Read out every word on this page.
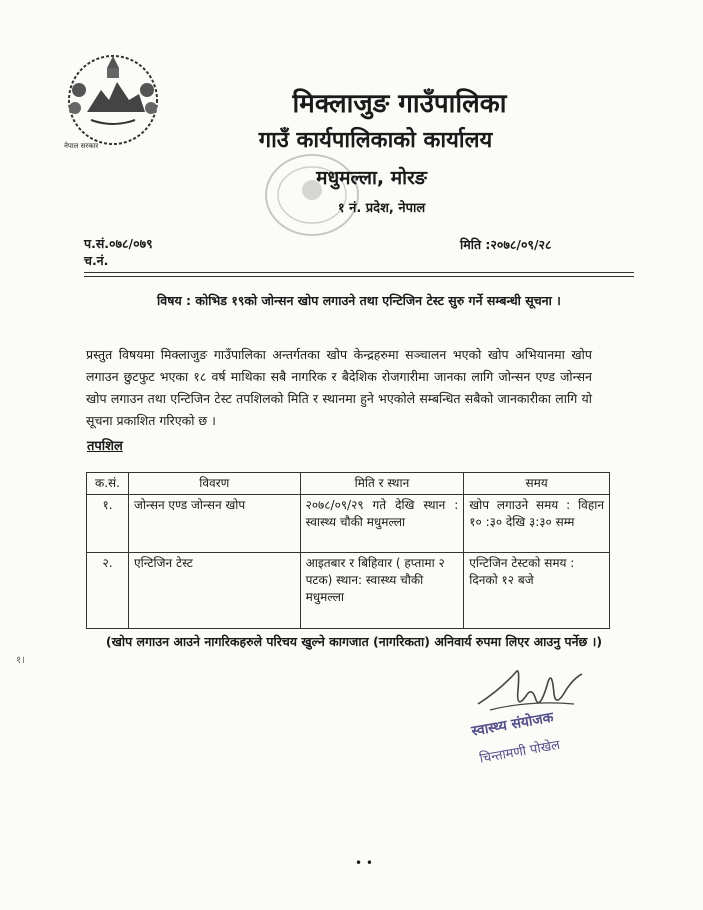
नेपाल सरकार
मिक्लाजुङ गाउँपालिका
गाउँ कार्यपालिकाको कार्यालय
मधुमल्ला, मोरङ
१ नं. प्रदेश, नेपाल
प.सं.०७८/०७९
च.नं.
मिति :२०७८/०९/२८
विषय : कोभिड १९को जोन्सन खोप लगाउने तथा एन्टिजिन टेस्ट सुरु गर्ने सम्बन्धी सूचना ।
प्रस्तुत विषयमा मिक्लाजुङ गाउँपालिका अन्तर्गतका खोप केन्द्रहरुमा सञ्चालन भएको खोप अभियानमा खोप लगाउन छुटफुट भएका १८ वर्ष माथिका सबै नागरिक र बैदेशिक रोजगारीमा जानका लागि जोन्सन एण्ड जोन्सन खोप लगाउन तथा एन्टिजिन टेस्ट तपशिलको मिति र स्थानमा हुने भएकोले सम्बन्धित सबैको जानकारीका लागि यो सूचना प्रकाशित गरिएको छ ।
तपशिल
क.सं.	विवरण	मिति र स्थान	समय
१.	जोन्सन एण्ड जोन्सन खोप	२०७८/०९/२९ गते देखि स्थान : स्वास्थ्य चौकी मधुमल्ला	खोप लगाउने समय : विहान १० :३० देखि ३:३० सम्म
२.	एन्टिजिन टेस्ट	आइतबार र बिहिवार ( हप्तामा २ पटक) स्थान: स्वास्थ्य चौकी मधुमल्ला	एन्टिजिन टेस्टको समय : दिनको १२ बजे
(खोप लगाउन आउने नागरिकहरुले परिचय खुल्ने कागजात (नागरिकता) अनिवार्य रुपमा लिएर आउनु पर्नेछ ।)
१।
स्वास्थ्य संयोजक
चिन्तामणी पोखेल
• •
